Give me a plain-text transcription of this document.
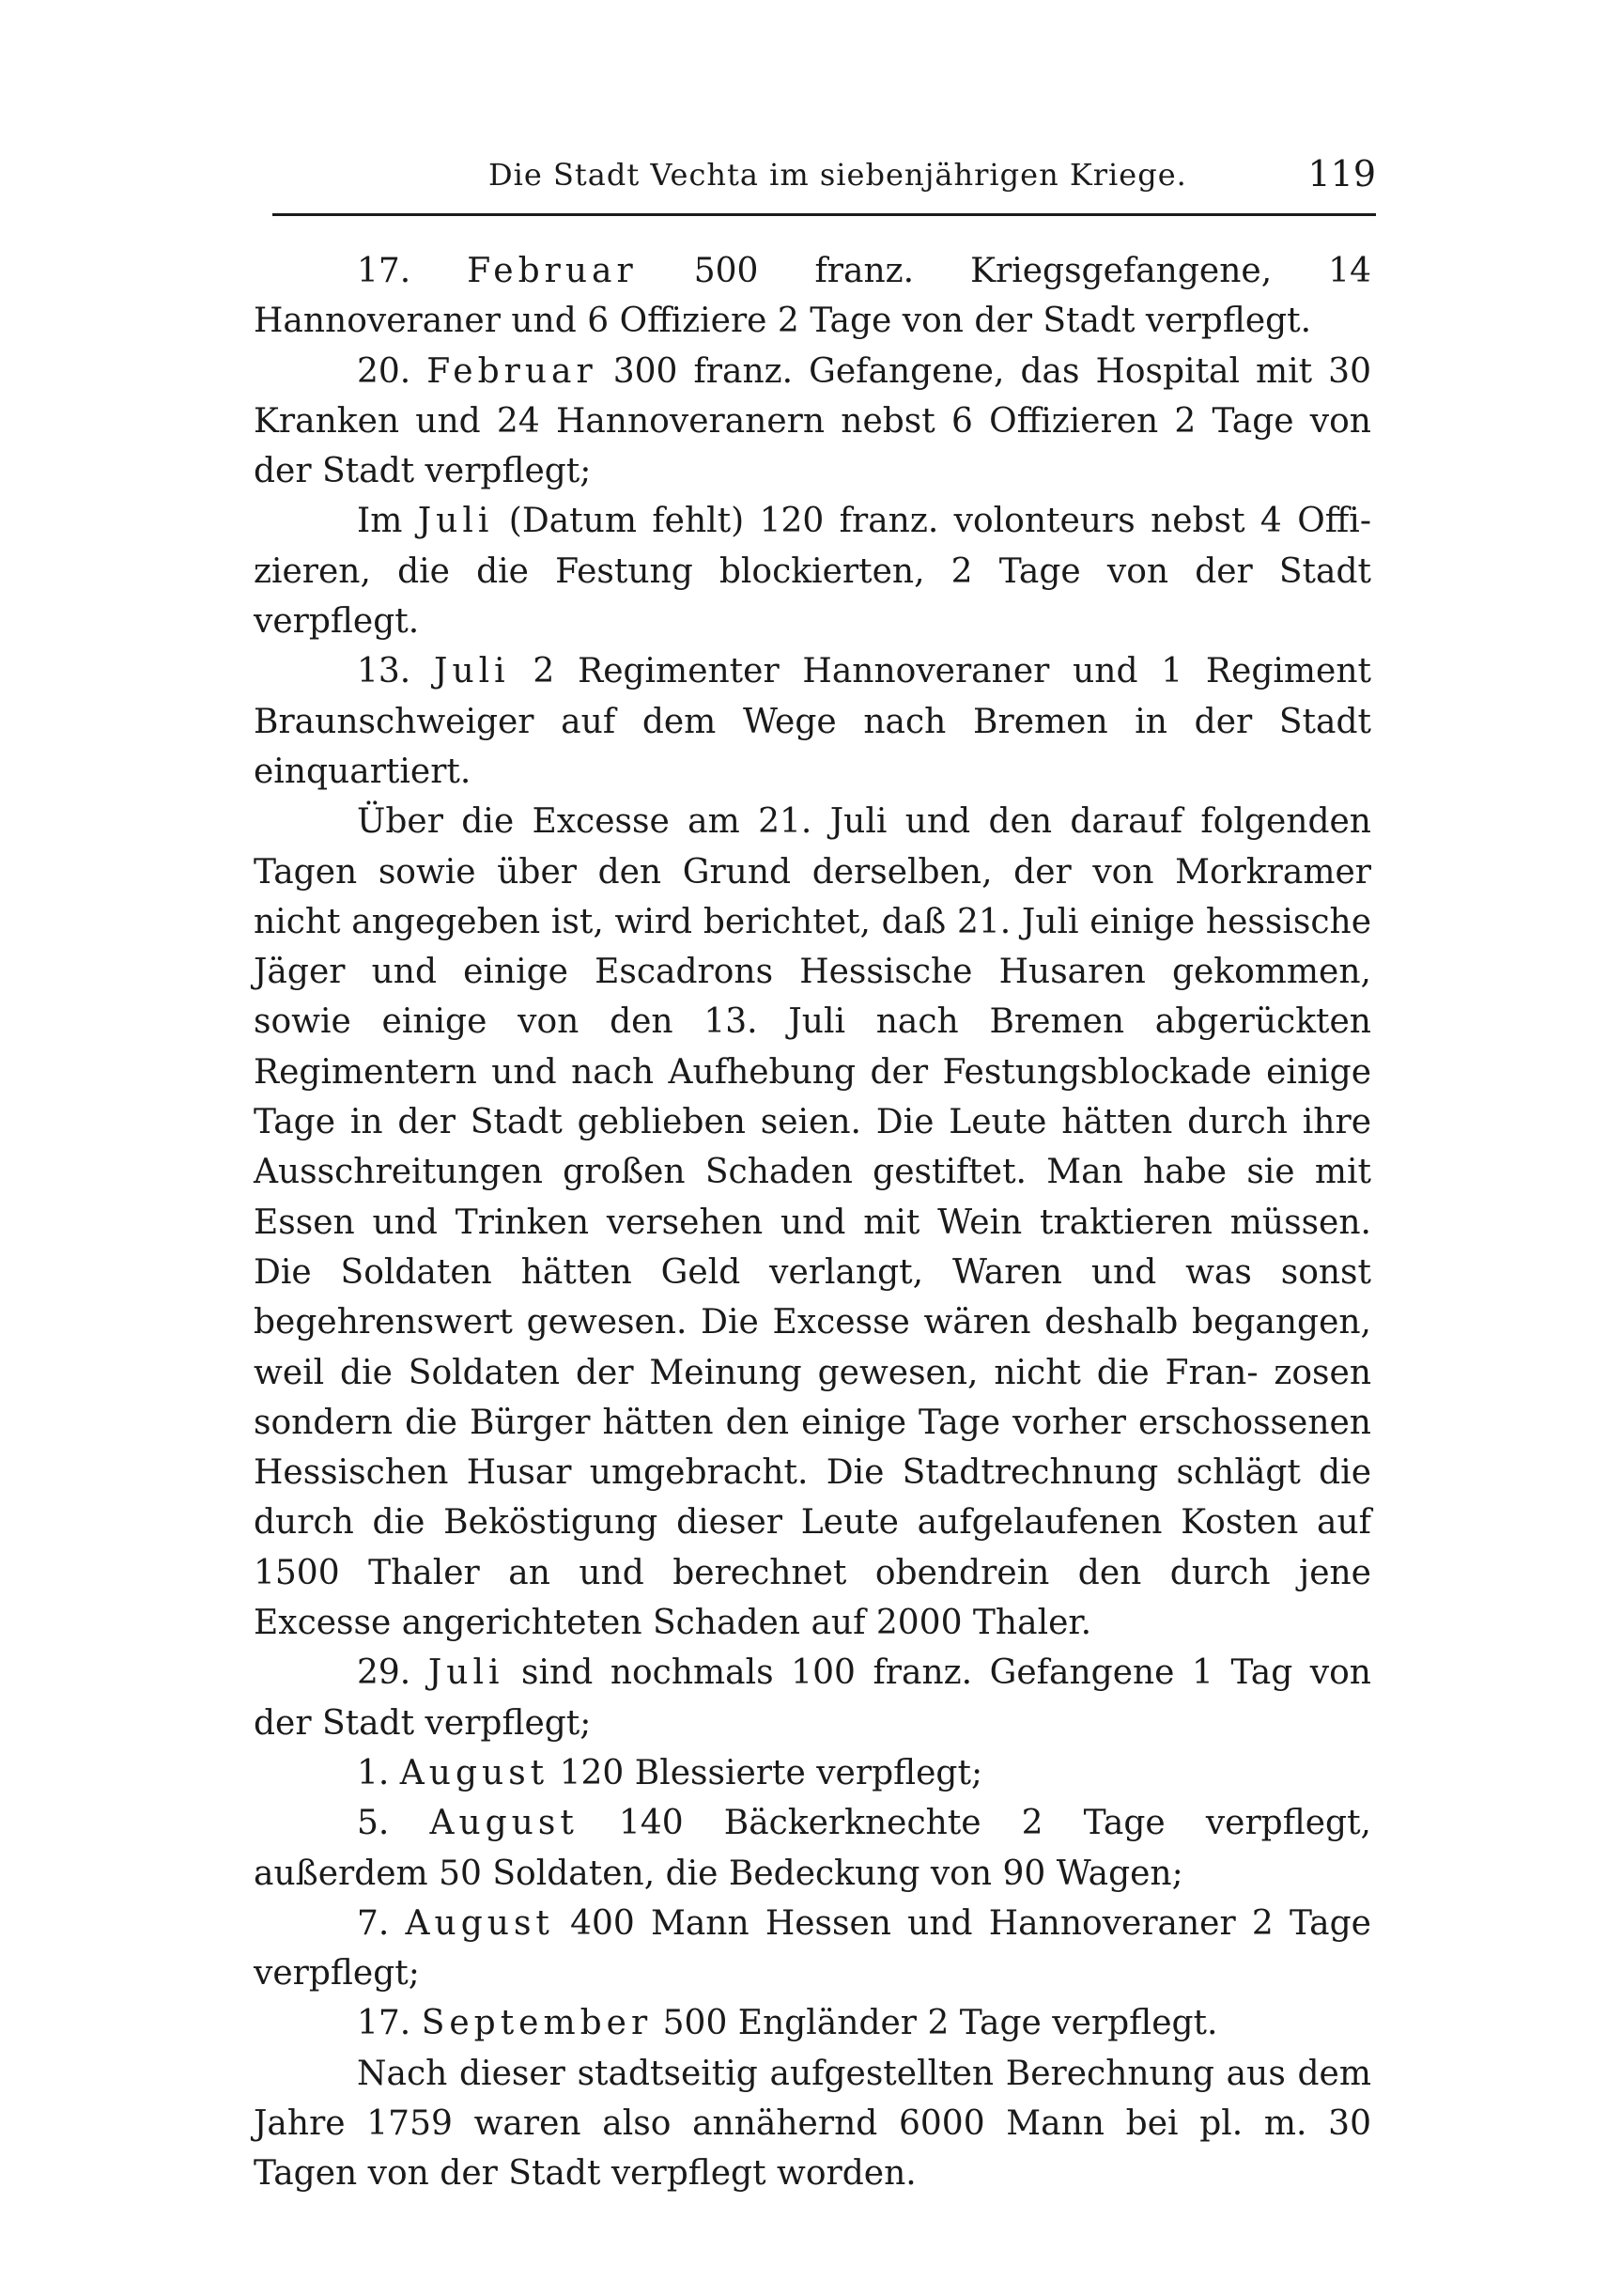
Die Stadt Vechta im siebenjährigen Kriege.	119

17. Februar 500 franz. Kriegsgefangene, 14 Hannoveraner und 6 Offiziere 2 Tage von der Stadt verpflegt.

20. Februar 300 franz. Gefangene, das Hospital mit 30 Kranken und 24 Hannoveranern nebst 6 Offizieren 2 Tage von der Stadt verpflegt;

Im Juli (Datum fehlt) 120 franz. volonteurs nebst 4 Offi- zieren, die die Festung blockierten, 2 Tage von der Stadt verpflegt.

13. Juli 2 Regimenter Hannoveraner und 1 Regiment Braunschweiger auf dem Wege nach Bremen in der Stadt einquartiert.

Über die Excesse am 21. Juli und den darauf folgenden Tagen sowie über den Grund derselben, der von Morkramer nicht angegeben ist, wird berichtet, daß 21. Juli einige hessische Jäger und einige Escadrons Hessische Husaren gekommen, sowie einige von den 13. Juli nach Bremen abgerückten Regimentern und nach Aufhebung der Festungsblockade einige Tage in der Stadt geblieben seien. Die Leute hätten durch ihre Ausschreitungen großen Schaden gestiftet. Man habe sie mit Essen und Trinken versehen und mit Wein traktieren müssen. Die Soldaten hätten Geld verlangt, Waren und was sonst begehrenswert gewesen. Die Excesse wären deshalb begangen, weil die Soldaten der Meinung gewesen, nicht die Fran- zosen sondern die Bürger hätten den einige Tage vorher erschossenen Hessischen Husar umgebracht. Die Stadtrechnung schlägt die durch die Beköstigung dieser Leute aufgelaufenen Kosten auf 1500 Thaler an und berechnet obendrein den durch jene Excesse angerichteten Schaden auf 2000 Thaler.

29. Juli sind nochmals 100 franz. Gefangene 1 Tag von der Stadt verpflegt;

1. August 120 Blessierte verpflegt;

5. August 140 Bäckerknechte 2 Tage verpflegt, außerdem 50 Soldaten, die Bedeckung von 90 Wagen;

7. August 400 Mann Hessen und Hannoveraner 2 Tage verpflegt;

17. September 500 Engländer 2 Tage verpflegt.

Nach dieser stadtseitig aufgestellten Berechnung aus dem Jahre 1759 waren also annähernd 6000 Mann bei pl. m. 30 Tagen von der Stadt verpflegt worden.
